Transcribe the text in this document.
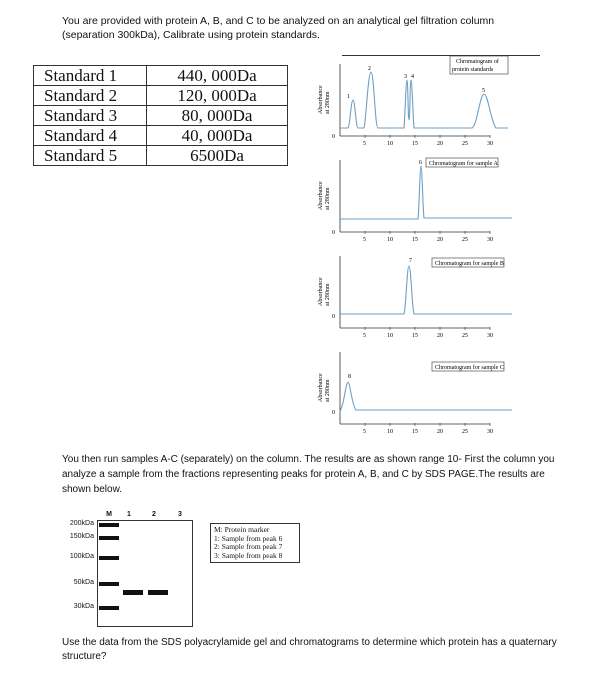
You are provided with protein A, B, and C to be analyzed on an analytical gel filtration column (separation 300kDa), Calibrate using protein standards.
Standard 1	440, 000Da
Standard 2	120, 000Da
Standard 3	80, 000Da
Standard 4	40, 000Da
Standard 5	6500Da
Absorbance at 280nm
0
5	10	15	20	25	30
1
2
3 4
5
Chromatogram of
protein standards
Absorbance at 280nm
0
5	10	15	20	25	30
6 Chromatogram for sample A
Absorbance at 280nm
0
5	10	15	20	25	30
7	Chromatogram for sample B
Absorbance at 280nm
0
5	10	15	20	25	30
8
Chromatogram for sample C
You then run samples A-C (separately) on the column. The results are as shown range 10- First the column you analyze a sample from the fractions representing peaks for protein A, B, and C by SDS PAGE.The results are shown below.
M	1	2	3
200kDa
150kDa
100kDa
50kDa
30kDa
M: Protein marker
1: Sample from peak 6
2: Sample from peak 7
3: Sample from peak 8
Use the data from the SDS polyacrylamide gel and chromatograms to determine which protein has a quaternary structure?
